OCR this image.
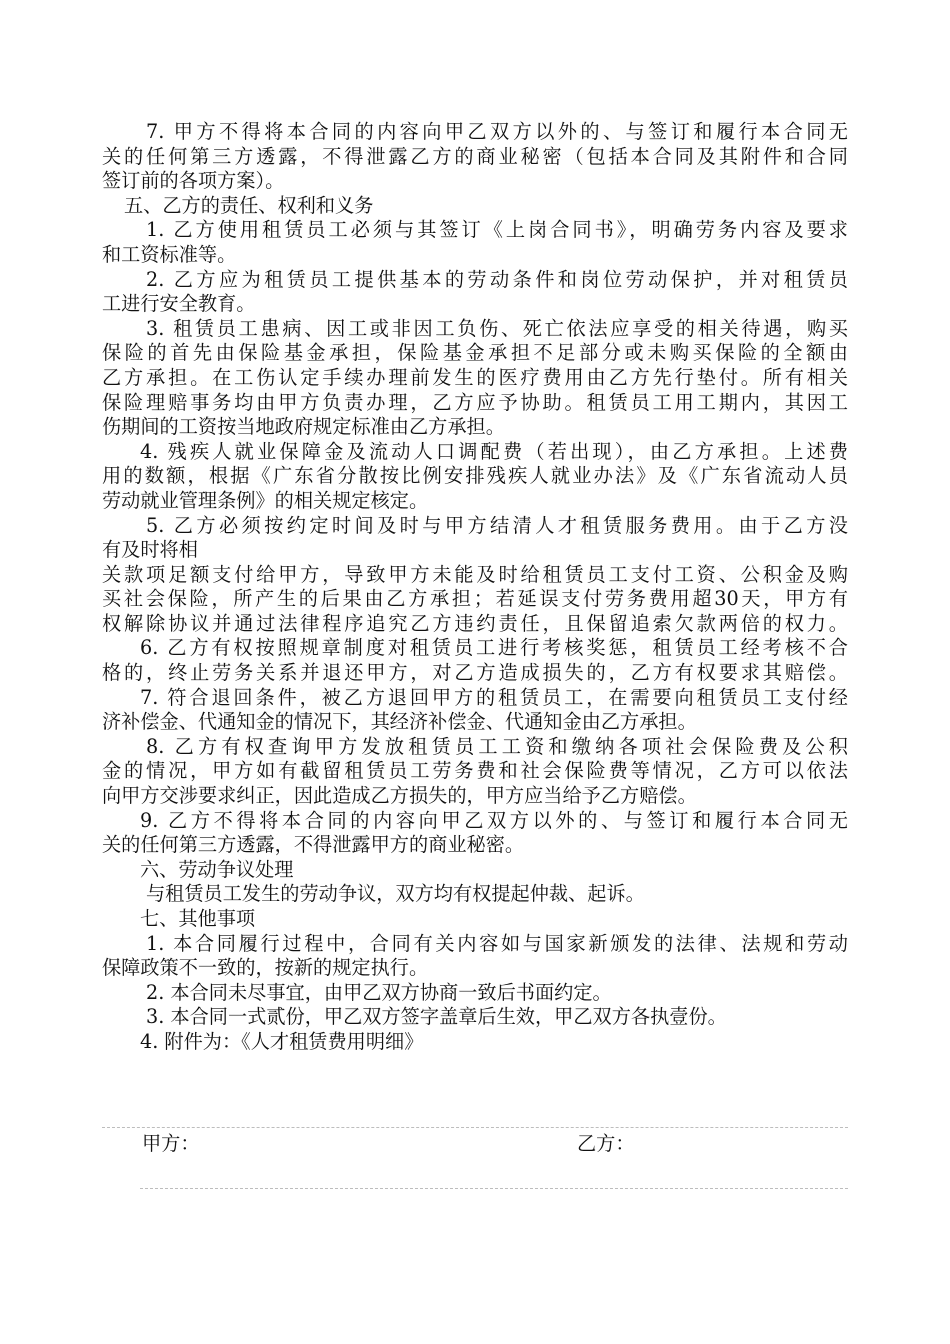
7. 甲方不得将本合同的内容向甲乙双方以外的、与签订和履行本合同无
关的任何第三方透露，不得泄露乙方的商业秘密（包括本合同及其附件和合同
签订前的各项方案）。
五、乙方的责任、权利和义务
1. 乙方使用租赁员工必须与其签订《上岗合同书》，明确劳务内容及要求
和工资标准等。
2. 乙方应为租赁员工提供基本的劳动条件和岗位劳动保护，并对租赁员
工进行安全教育。
3. 租赁员工患病、因工或非因工负伤、死亡依法应享受的相关待遇，购买
保险的首先由保险基金承担，保险基金承担不足部分或未购买保险的全额由
乙方承担。在工伤认定手续办理前发生的医疗费用由乙方先行垫付。所有相关
保险理赔事务均由甲方负责办理，乙方应予协助。租赁员工用工期内，其因工
伤期间的工资按当地政府规定标准由乙方承担。
4. 残疾人就业保障金及流动人口调配费（若出现），由乙方承担。上述费
用的数额，根据《广东省分散按比例安排残疾人就业办法》及《广东省流动人员
劳动就业管理条例》的相关规定核定。
5. 乙方必须按约定时间及时与甲方结清人才租赁服务费用。由于乙方没
有及时将相
关款项足额支付给甲方，导致甲方未能及时给租赁员工支付工资、公积金及购
买社会保险，所产生的后果由乙方承担；若延误支付劳务费用超30天，甲方有
权解除协议并通过法律程序追究乙方违约责任，且保留追索欠款两倍的权力。
6. 乙方有权按照规章制度对租赁员工进行考核奖惩，租赁员工经考核不合
格的，终止劳务关系并退还甲方，对乙方造成损失的，乙方有权要求其赔偿。
7. 符合退回条件，被乙方退回甲方的租赁员工，在需要向租赁员工支付经
济补偿金、代通知金的情况下，其经济补偿金、代通知金由乙方承担。
8. 乙方有权查询甲方发放租赁员工工资和缴纳各项社会保险费及公积
金的情况，甲方如有截留租赁员工劳务费和社会保险费等情况，乙方可以依法
向甲方交涉要求纠正，因此造成乙方损失的，甲方应当给予乙方赔偿。
9. 乙方不得将本合同的内容向甲乙双方以外的、与签订和履行本合同无
关的任何第三方透露，不得泄露甲方的商业秘密。
六、劳动争议处理
与租赁员工发生的劳动争议，双方均有权提起仲裁、起诉。
七、其他事项
1. 本合同履行过程中，合同有关内容如与国家新颁发的法律、法规和劳动
保障政策不一致的，按新的规定执行。
2. 本合同未尽事宜，由甲乙双方协商一致后书面约定。
3. 本合同一式贰份，甲乙双方签字盖章后生效，甲乙双方各执壹份。
4. 附件为：《人才租赁费用明细》
甲方：	乙方：
